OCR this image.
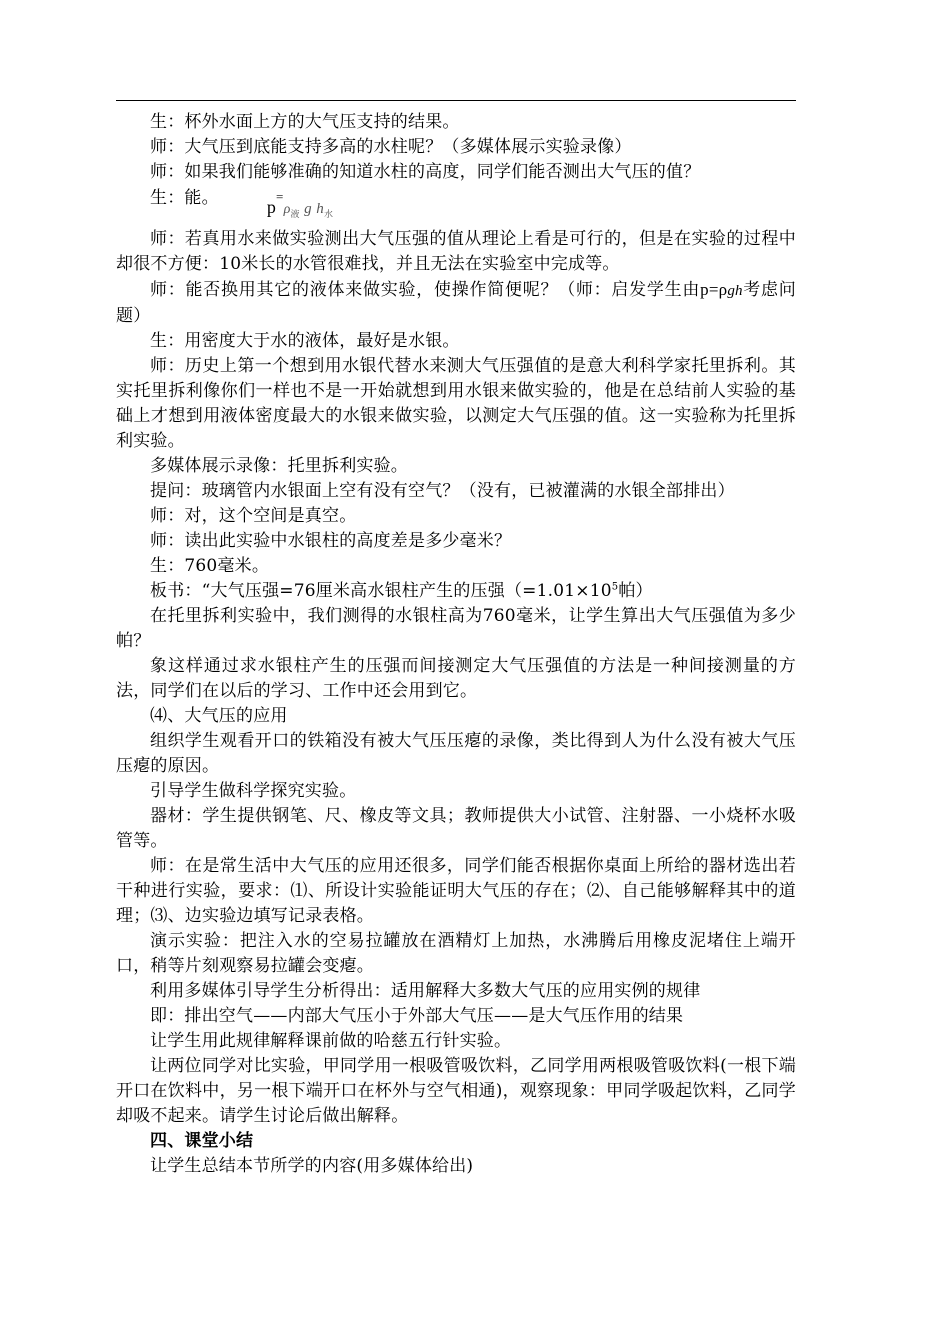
生：杯外水面上方的大气压支持的结果。

师：大气压到底能支持多高的水柱呢？（多媒体展示实验录像）

师：如果我们能够准确的知道水柱的高度，同学们能否测出大气压的值？

生：能。	$p=_{\rho 液}$ g $h_水$

师：若真用水来做实验测出大气压强的值从理论上看是可行的，但是在实验的过程中却很不方便：10米长的水管很难找，并且无法在实验室中完成等。

师：能否换用其它的液体来做实验，使操作简便呢？（师：启发学生由p=ρgh考虑问题）

生：用密度大于水的液体，最好是水银。

师：历史上第一个想到用水银代替水来测大气压强值的是意大利科学家托里拆利。其实托里拆利像你们一样也不是一开始就想到用水银来做实验的，他是在总结前人实验的基础上才想到用液体密度最大的水银来做实验，以测定大气压强的值。这一实验称为托里拆利实验。

多媒体展示录像：托里拆利实验。

提问：玻璃管内水银面上空有没有空气？（没有，已被灌满的水银全部排出）

师：对，这个空间是真空。

师：读出此实验中水银柱的高度差是多少毫米？

生：760毫米。

板书：“大气压强=76厘米高水银柱产生的压强（$=1.01\times 10^5$帕）

在托里拆利实验中，我们测得的水银柱高为760毫米，让学生算出大气压强值为多少帕？

象这样通过求水银柱产生的压强而间接测定大气压强值的方法是一种间接测量的方法，同学们在以后的学习、工作中还会用到它。

⑷、大气压的应用

组织学生观看开口的铁箱没有被大气压压瘪的录像，类比得到人为什么没有被大气压压瘪的原因。

引导学生做科学探究实验。

器材：学生提供钢笔、尺、橡皮等文具；教师提供大小试管、注射器、一小烧杯水吸管等。

师：在是常生活中大气压的应用还很多，同学们能否根据你桌面上所给的器材选出若干种进行实验，要求：⑴、所设计实验能证明大气压的存在；⑵、自己能够解释其中的道理；⑶、边实验边填写记录表格。

演示实验：把注入水的空易拉罐放在酒精灯上加热，水沸腾后用橡皮泥堵住上端开口，稍等片刻观察易拉罐会变瘪。

利用多媒体引导学生分析得出：适用解释大多数大气压的应用实例的规律

即：排出空气——内部大气压小于外部大气压——是大气压作用的结果

让学生用此规律解释课前做的哈慈五行针实验。

让两位同学对比实验，甲同学用一根吸管吸饮料，乙同学用两根吸管吸饮料(一根下端开口在饮料中，另一根下端开口在杯外与空气相通)，观察现象：甲同学吸起饮料，乙同学却吸不起来。请学生讨论后做出解释。

四、课堂小结

让学生总结本节所学的内容(用多媒体给出)
